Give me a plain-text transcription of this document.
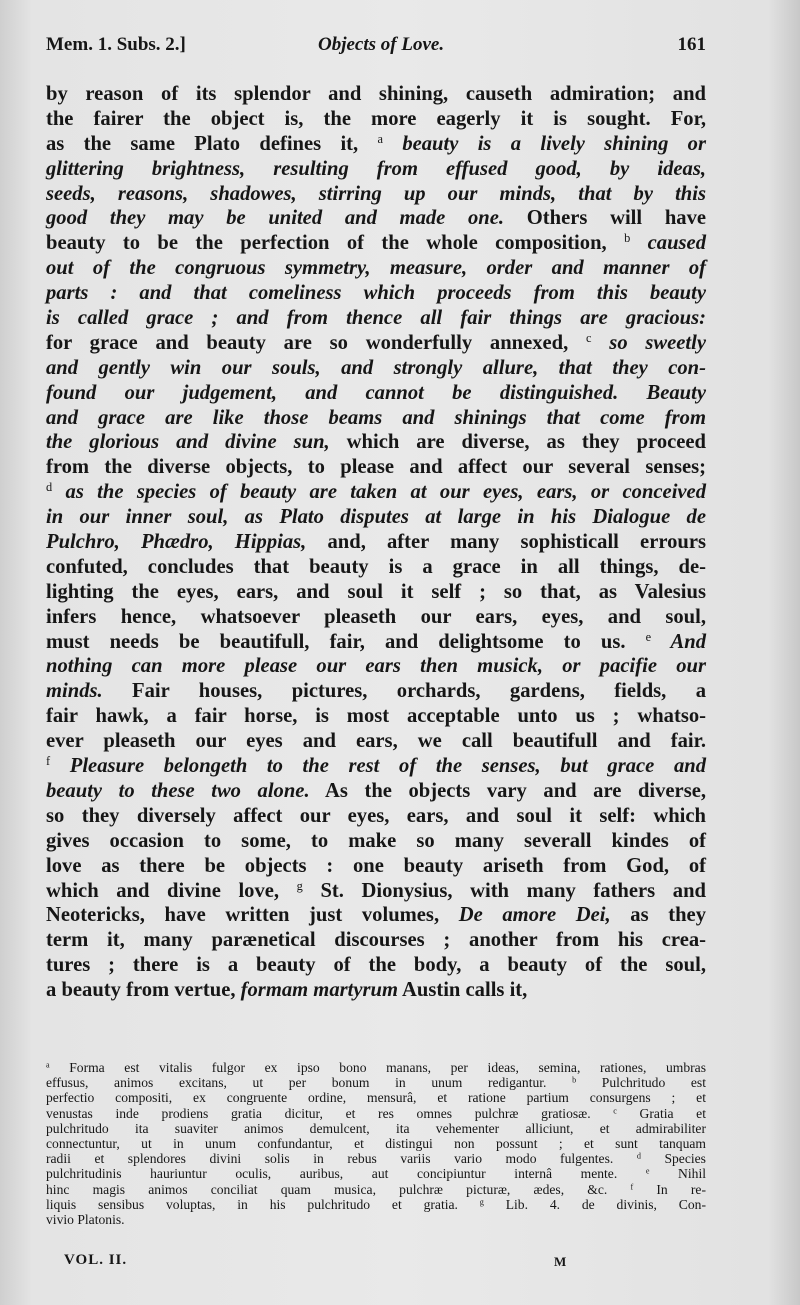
Mem. 1. Subs. 2.]	Objects of Love.	161
by reason of its splendor and shining, causeth admiration; and
the fairer the object is, the more eagerly it is sought. For,
as the same Plato defines it, $^a$ beauty is a lively shining or
glittering brightness, resulting from effused good, by ideas,
seeds, reasons, shadowes, stirring up our minds, that by this
good they may be united and made one. Others will have
beauty to be the perfection of the whole composition, $^b$ caused
out of the congruous symmetry, measure, order and manner of
parts : and that comeliness which proceeds from this beauty
is called grace ; and from thence all fair things are gracious:
for grace and beauty are so wonderfully annexed, $^c$ so sweetly
and gently win our souls, and strongly allure, that they con-
found our judgement, and cannot be distinguished. Beauty
and grace are like those beams and shinings that come from
the glorious and divine sun, which are diverse, as they proceed
from the diverse objects, to please and affect our several senses;
$^d$ as the species of beauty are taken at our eyes, ears, or conceived
in our inner soul, as Plato disputes at large in his Dialogue de
Pulchro, Phædro, Hippias, and, after many sophisticall errours
confuted, concludes that beauty is a grace in all things, de-
lighting the eyes, ears, and soul it self ; so that, as Valesius
infers hence, whatsoever pleaseth our ears, eyes, and soul,
must needs be beautifull, fair, and delightsome to us. $^e$ And
nothing can more please our ears then musick, or pacifie our
minds. Fair houses, pictures, orchards, gardens, fields, a
fair hawk, a fair horse, is most acceptable unto us ; whatso-
ever pleaseth our eyes and ears, we call beautifull and fair.
$^f$ Pleasure belongeth to the rest of the senses, but grace and
beauty to these two alone. As the objects vary and are diverse,
so they diversely affect our eyes, ears, and soul it self: which
gives occasion to some, to make so many severall kindes of
love as there be objects : one beauty ariseth from God, of
which and divine love, $^g$ St. Dionysius, with many fathers and
Neotericks, have written just volumes, De amore Dei, as they
term it, many parænetical discourses ; another from his crea-
tures ; there is a beauty of the body, a beauty of the soul,
a beauty from vertue, formam martyrum Austin calls it,
$^a$ Forma est vitalis fulgor ex ipso bono manans, per ideas, semina, rationes, umbras
effusus, animos excitans, ut per bonum in unum redigantur. $^b$ Pulchritudo est
perfectio compositi, ex congruente ordine, mensurâ, et ratione partium consurgens ; et
venustas inde prodiens gratia dicitur, et res omnes pulchræ gratiosæ. $^c$ Gratia et
pulchritudo ita suaviter animos demulcent, ita vehementer alliciunt, et admirabiliter
connectuntur, ut in unum confundantur, et distingui non possunt ; et sunt tanquam
radii et splendores divini solis in rebus variis vario modo fulgentes. $^d$ Species
pulchritudinis hauriuntur oculis, auribus, aut concipiuntur internâ mente. $^e$ Nihil
hinc magis animos conciliat quam musica, pulchræ picturæ, ædes, &c. $^f$ In re-
liquis sensibus voluptas, in his pulchritudo et gratia. $^g$ Lib. 4. de divinis, Con-
vivio Platonis.
VOL. II.	M
